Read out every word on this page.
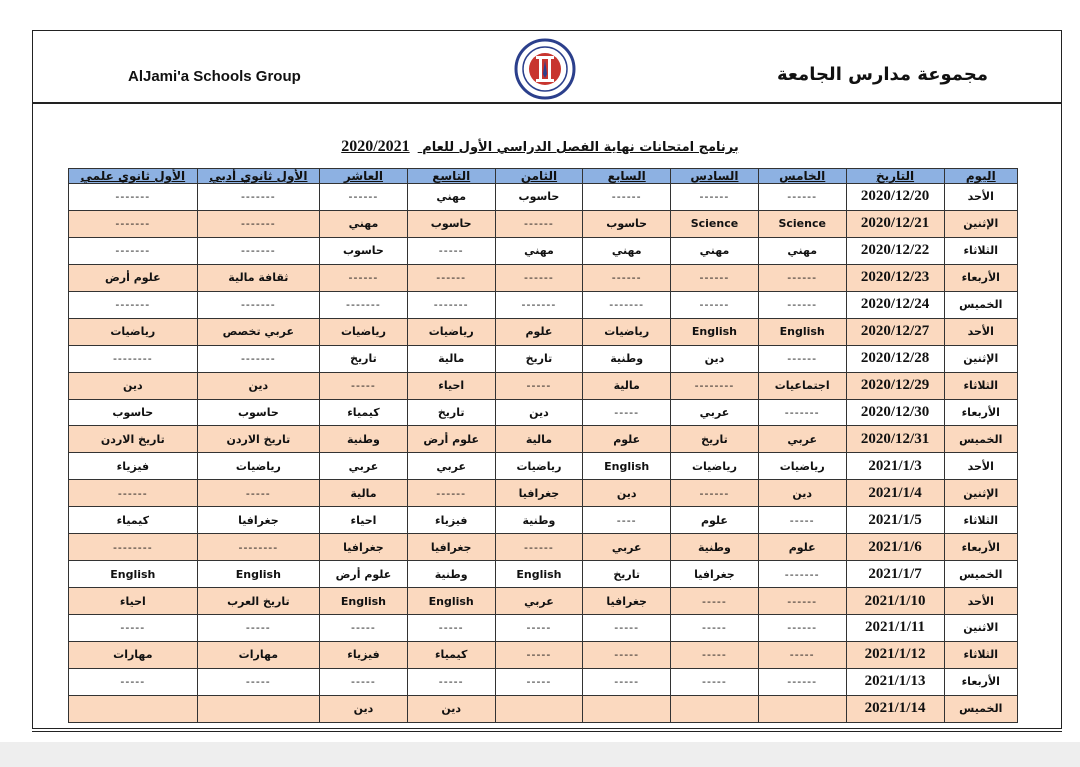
AlJami'a Schools Group	مجموعة مدارس الجامعة
برنامج امتحانات نهاية الفصل الدراسي الأول للعام 2020/2021
اليوم	التاريخ	الخامس	السادس	السابع	الثامن	التاسع	العاشر	الأول ثانوي أدبي	الأول ثانوي علمي
الأحد	2020/12/20	------	------	------	حاسوب	مهني	------	-------	-------
الإثنين	2020/12/21	Science	Science	حاسوب	------	حاسوب	مهني	-------	-------
الثلاثاء	2020/12/22	مهني	مهني	مهني	مهني	-----	حاسوب	-------	-------
الأربعاء	2020/12/23	------	------	------	------	------	------	ثقافة مالية	علوم أرض
الخميس	2020/12/24	------	------	-------	-------	-------	-------	-------	-------
الأحد	2020/12/27	English	English	رياضيات	علوم	رياضيات	رياضيات	عربي تخصص	رياضيات
الإثنين	2020/12/28	------	دين	وطنية	تاريخ	مالية	تاريخ	-------	--------
الثلاثاء	2020/12/29	اجتماعيات	--------	مالية	-----	احياء	-----	دين	دين
الأربعاء	2020/12/30	-------	عربي	-----	دين	تاريخ	كيمياء	حاسوب	حاسوب
الخميس	2020/12/31	عربي	تاريخ	علوم	مالية	علوم أرض	وطنية	تاريخ الاردن	تاريخ الاردن
الأحد	2021/1/3	رياضيات	رياضيات	English	رياضيات	عربي	عربي	رياضيات	فيزياء
الإثنين	2021/1/4	دين	------	دين	جغرافيا	------	مالية	-----	------
الثلاثاء	2021/1/5	-----	علوم	----	وطنية	فيزياء	احياء	جغرافيا	كيمياء
الأربعاء	2021/1/6	علوم	وطنية	عربي	------	جغرافيا	جغرافيا	--------	--------
الخميس	2021/1/7	-------	جغرافيا	تاريخ	English	وطنية	علوم أرض	English	English
الأحد	2021/1/10	------	-----	جغرافيا	عربي	English	English	تاريخ العرب	احياء
الاثنين	2021/1/11	------	-----	-----	-----	-----	-----	-----	-----
الثلاثاء	2021/1/12	-----	-----	-----	-----	كيمياء	فيزياء	مهارات	مهارات
الأربعاء	2021/1/13	------	-----	-----	-----	-----	-----	-----	-----
الخميس	2021/1/14					دين	دين		
